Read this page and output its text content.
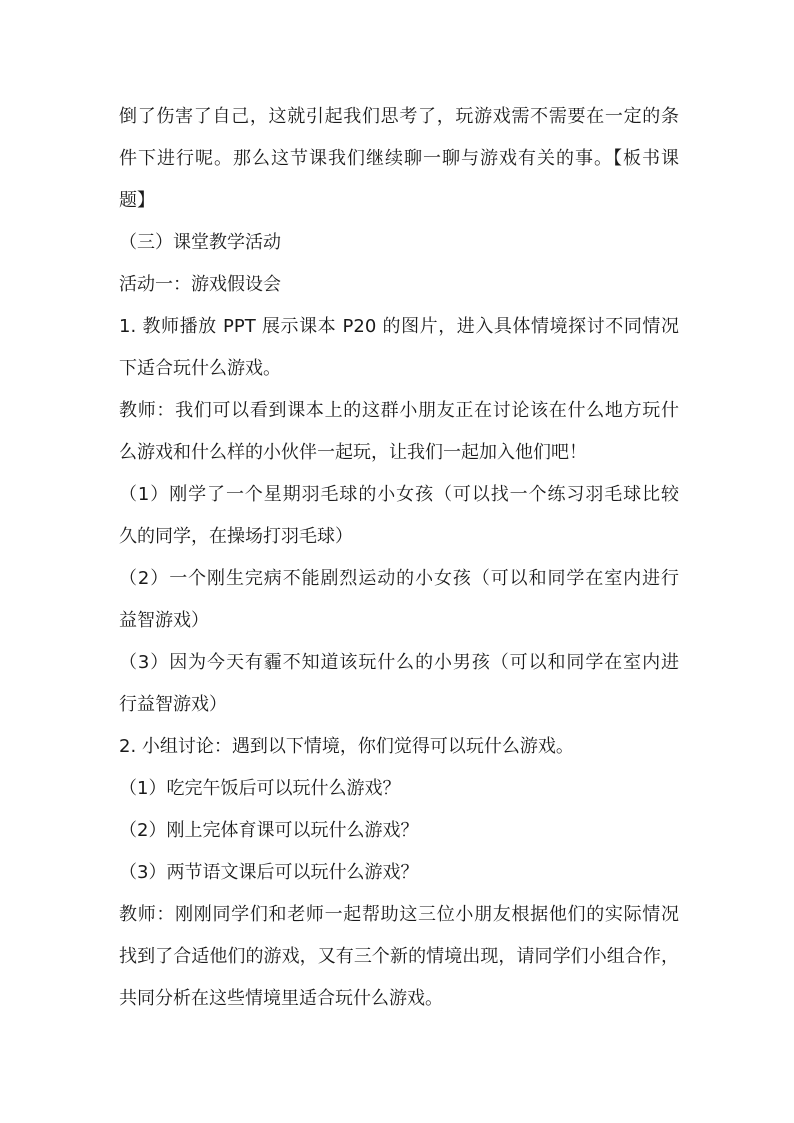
倒了伤害了自己，这就引起我们思考了，玩游戏需不需要在一定的条
件下进行呢。那么这节课我们继续聊一聊与游戏有关的事。【板书课
题】
（三）课堂教学活动
活动一：游戏假设会
1. 教师播放 PPT 展示课本 P20 的图片，进入具体情境探讨不同情况
下适合玩什么游戏。
教师：我们可以看到课本上的这群小朋友正在讨论该在什么地方玩什
么游戏和什么样的小伙伴一起玩，让我们一起加入他们吧！
（1）刚学了一个星期羽毛球的小女孩（可以找一个练习羽毛球比较
久的同学，在操场打羽毛球）
（2）一个刚生完病不能剧烈运动的小女孩（可以和同学在室内进行
益智游戏）
（3）因为今天有霾不知道该玩什么的小男孩（可以和同学在室内进
行益智游戏）
2. 小组讨论：遇到以下情境，你们觉得可以玩什么游戏。
（1）吃完午饭后可以玩什么游戏？
（2）刚上完体育课可以玩什么游戏？
（3）两节语文课后可以玩什么游戏？
教师：刚刚同学们和老师一起帮助这三位小朋友根据他们的实际情况
找到了合适他们的游戏，又有三个新的情境出现，请同学们小组合作，
共同分析在这些情境里适合玩什么游戏。
